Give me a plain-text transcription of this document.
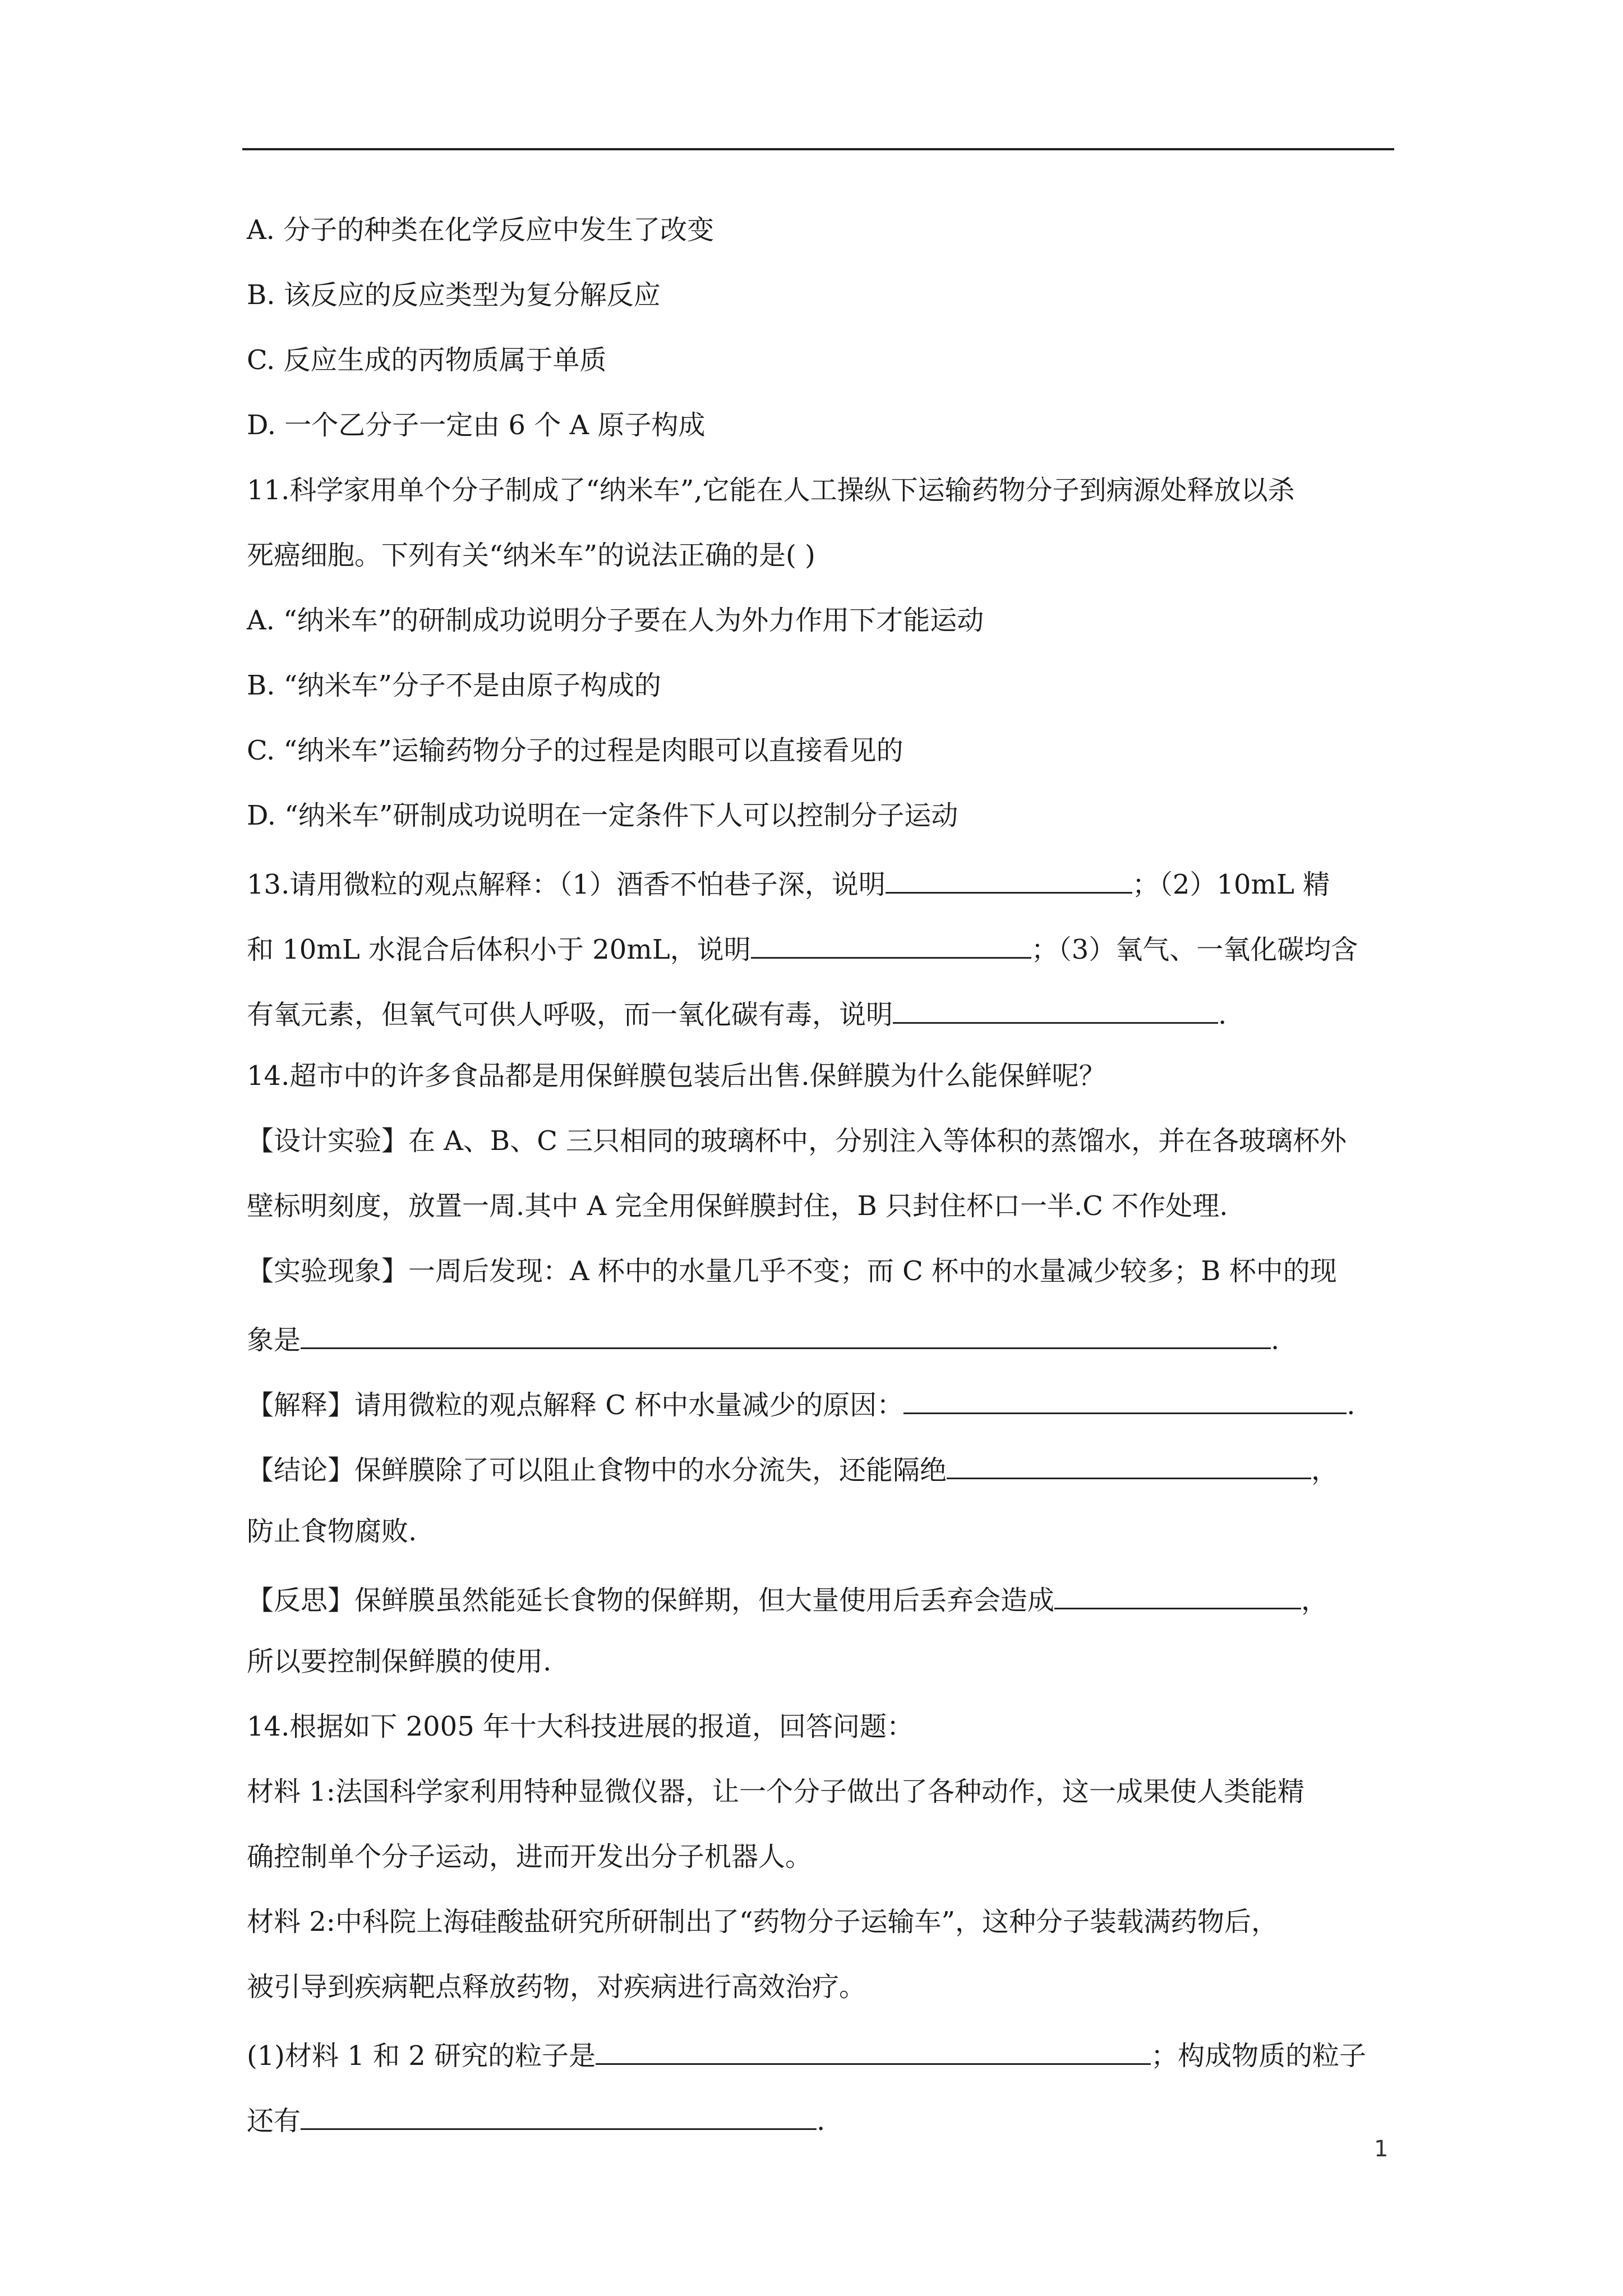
A. 分子的种类在化学反应中发生了改变
B. 该反应的反应类型为复分解反应
C. 反应生成的丙物质属于单质
D. 一个乙分子一定由 6 个 A 原子构成
11.科学家用单个分子制成了“纳米车”,它能在人工操纵下运输药物分子到病源处释放以杀
死癌细胞。下列有关“纳米车”的说法正确的是( )
A. “纳米车”的研制成功说明分子要在人为外力作用下才能运动
B. “纳米车”分子不是由原子构成的
C. “纳米车”运输药物分子的过程是肉眼可以直接看见的
D. “纳米车”研制成功说明在一定条件下人可以控制分子运动
13.请用微粒的观点解释：（1）酒香不怕巷子深，说明	；（2）10mL 精
和 10mL 水混合后体积小于 20mL，说明	；（3）氧气、一氧化碳均含
有氧元素，但氧气可供人呼吸，而一氧化碳有毒，说明	.
14.超市中的许多食品都是用保鲜膜包装后出售.保鲜膜为什么能保鲜呢？
【设计实验】在 A、B、C 三只相同的玻璃杯中，分别注入等体积的蒸馏水，并在各玻璃杯外
壁标明刻度，放置一周.其中 A 完全用保鲜膜封住，B 只封住杯口一半.C 不作处理.
【实验现象】一周后发现：A 杯中的水量几乎不变；而 C 杯中的水量减少较多；B 杯中的现
象是	.
【解释】请用微粒的观点解释 C 杯中水量减少的原因：	.
【结论】保鲜膜除了可以阻止食物中的水分流失，还能隔绝	，
防止食物腐败.
【反思】保鲜膜虽然能延长食物的保鲜期，但大量使用后丢弃会造成	，
所以要控制保鲜膜的使用.
14.根据如下 2005 年十大科技进展的报道，回答问题：
材料 1:法国科学家利用特种显微仪器，让一个分子做出了各种动作，这一成果使人类能精
确控制单个分子运动，进而开发出分子机器人。
材料 2:中科院上海硅酸盐研究所研制出了“药物分子运输车”，这种分子装载满药物后，
被引导到疾病靶点释放药物，对疾病进行高效治疗。
(1)材料 1 和 2 研究的粒子是	；构成物质的粒子
还有	.
1
